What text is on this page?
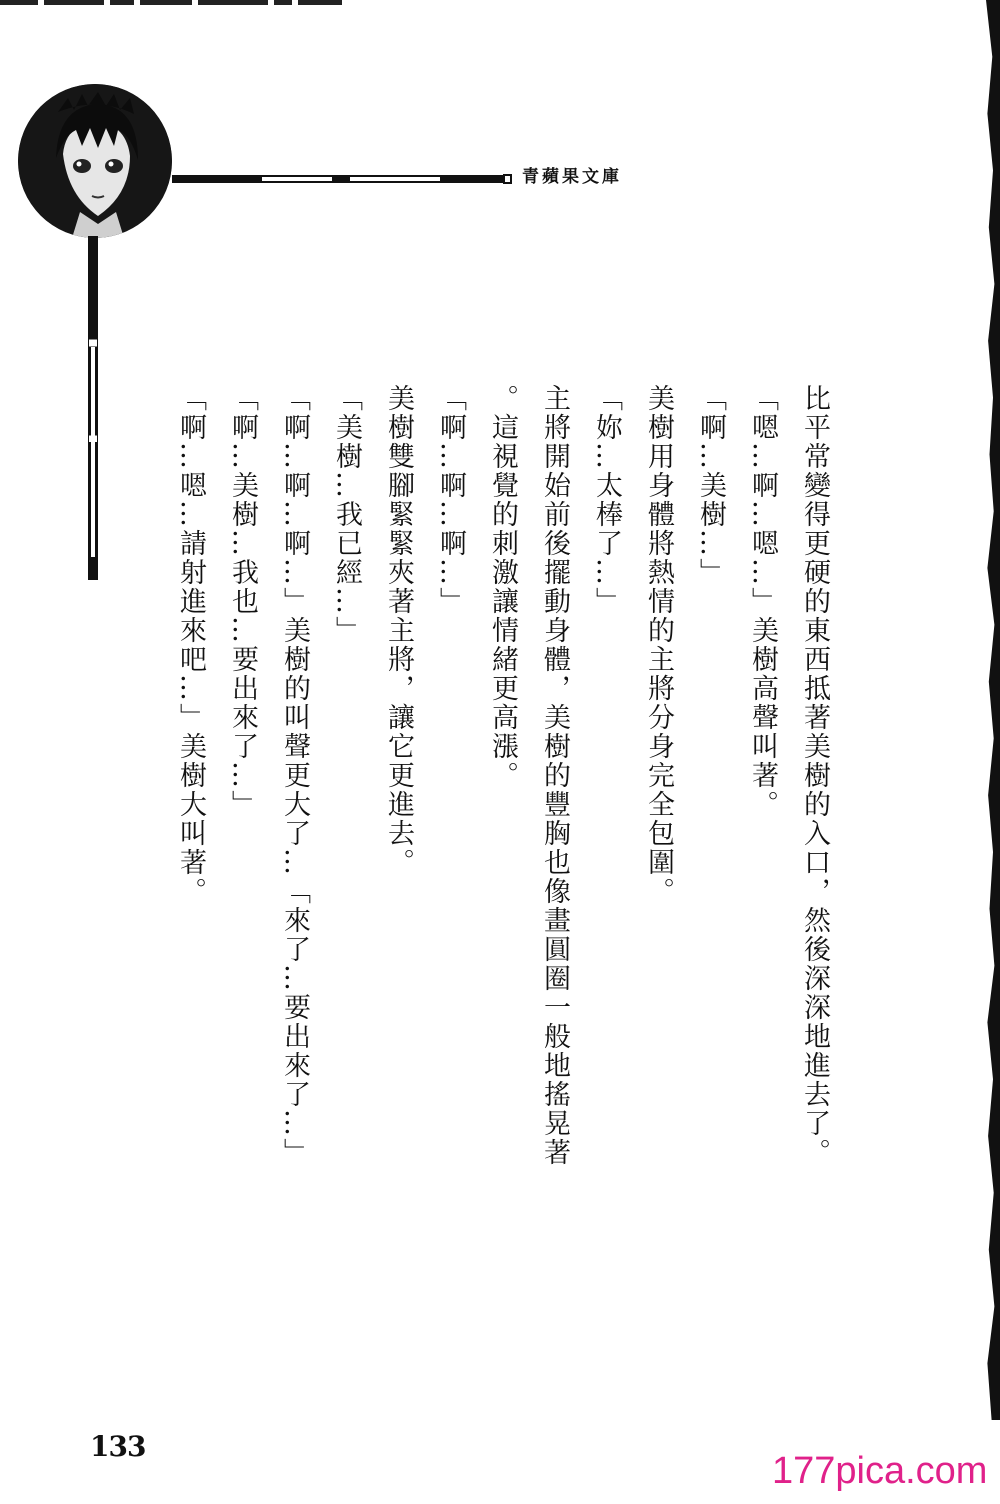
青蘋果文庫

比平常變得更硬的東西抵著美樹的入口，然後深深地進去了。

「嗯…啊…嗯…」美樹高聲叫著。

「啊…美樹…」

美樹用身體將熱情的主將分身完全包圍。

「妳…太棒了…」

主將開始前後擺動身體，美樹的豐胸也像畫圓圈一般地搖晃著

。這視覺的刺激讓情緒更高漲。

「啊…啊…啊…」

美樹雙腳緊緊夾著主將，讓它更進去。

「美樹…我已經…」

「啊…啊…啊…」美樹的叫聲更大了…「來了…要出來了…」

「啊…美樹…我也…要出來了…」

「啊…嗯…請射進來吧…」美樹大叫著。

133
177pica.com
